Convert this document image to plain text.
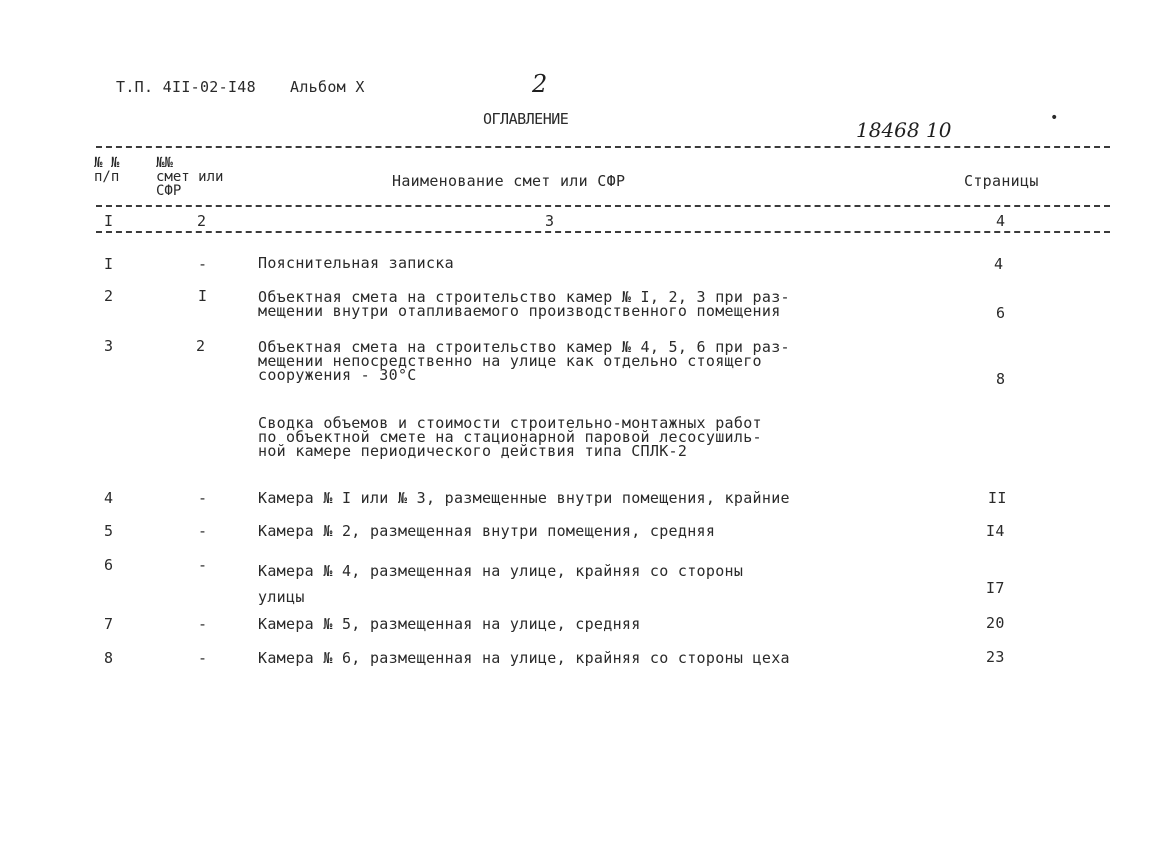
Т.П. 4II-02-I48 Альбом X	2
ОГЛАВЛЕНИЕ	18468 10	•
№ №
п/п
№№
смет или
СФР
Наименование смет или СФР	Страницы
I	2	3	4
I	-	Пояснительная записка	4
2	I	Объектная смета на строительство камер № I, 2, 3 при раз-
мещении внутри отапливаемого производственного помещения	6
3	2	Объектная смета на строительство камер № 4, 5, 6 при раз-
мещении непосредственно на улице как отдельно стоящего
сооружения - 30°С	8
Сводка объемов и стоимости строительно-монтажных работ
по объектной смете на стационарной паровой лесосушиль-
ной камере периодического действия типа СПЛК-2
4	-	Камера № I или № 3, размещенные внутри помещения, крайние	II
5	-	Камера № 2, размещенная внутри помещения, средняя	I4
6	-	Камера № 4, размещенная на улице, крайняя со стороны
улицы	I7
7	-	Камера № 5, размещенная на улице, средняя	20
8	-	Камера № 6, размещенная на улице, крайняя со стороны цеха	23
